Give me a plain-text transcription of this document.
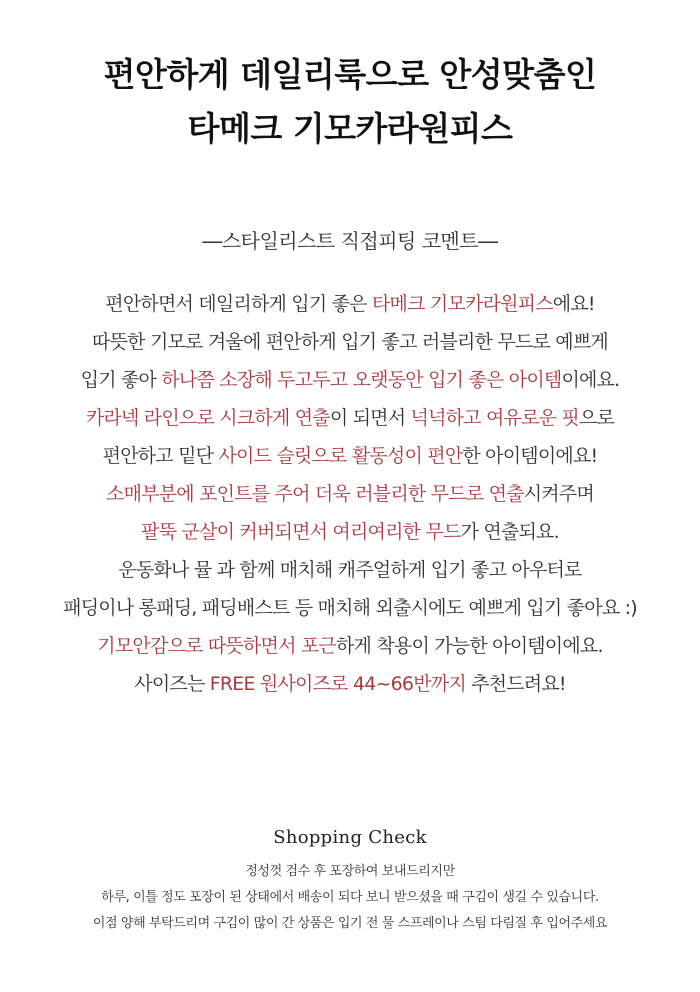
편안하게 데일리룩으로 안성맞춤인
타메크 기모카라원피스
―스타일리스트 직접피팅 코멘트―
편안하면서 데일리하게 입기 좋은 타메크 기모카라원피스에요!
따뜻한 기모로 겨울에 편안하게 입기 좋고 러블리한 무드로 예쁘게
입기 좋아 하나쯤 소장해 두고두고 오랫동안 입기 좋은 아이템이에요.
카라넥 라인으로 시크하게 연출이 되면서 넉넉하고 여유로운 핏으로
편안하고 밑단 사이드 슬릿으로 활동성이 편안한 아이템이에요!
소매부분에 포인트를 주어 더욱 러블리한 무드로 연출시켜주며
팔뚝 군살이 커버되면서 여리여리한 무드가 연출되요.
운동화나 뮬 과 함께 매치해 캐주얼하게 입기 좋고 아우터로
패딩이나 롱패딩, 패딩배스트 등 매치해 외출시에도 예쁘게 입기 좋아요 :)
기모안감으로 따뜻하면서 포근하게 착용이 가능한 아이템이에요.
사이즈는 FREE 원사이즈로 44~66반까지 추천드려요!
Shopping Check
정성껏 검수 후 포장하여 보내드리지만
하루, 이틀 정도 포장이 된 상태에서 배송이 되다 보니 받으셨을 때 구김이 생길 수 있습니다.
이점 양해 부탁드리며 구김이 많이 간 상품은 입기 전 물 스프레이나 스팀 다림질 후 입어주세요
